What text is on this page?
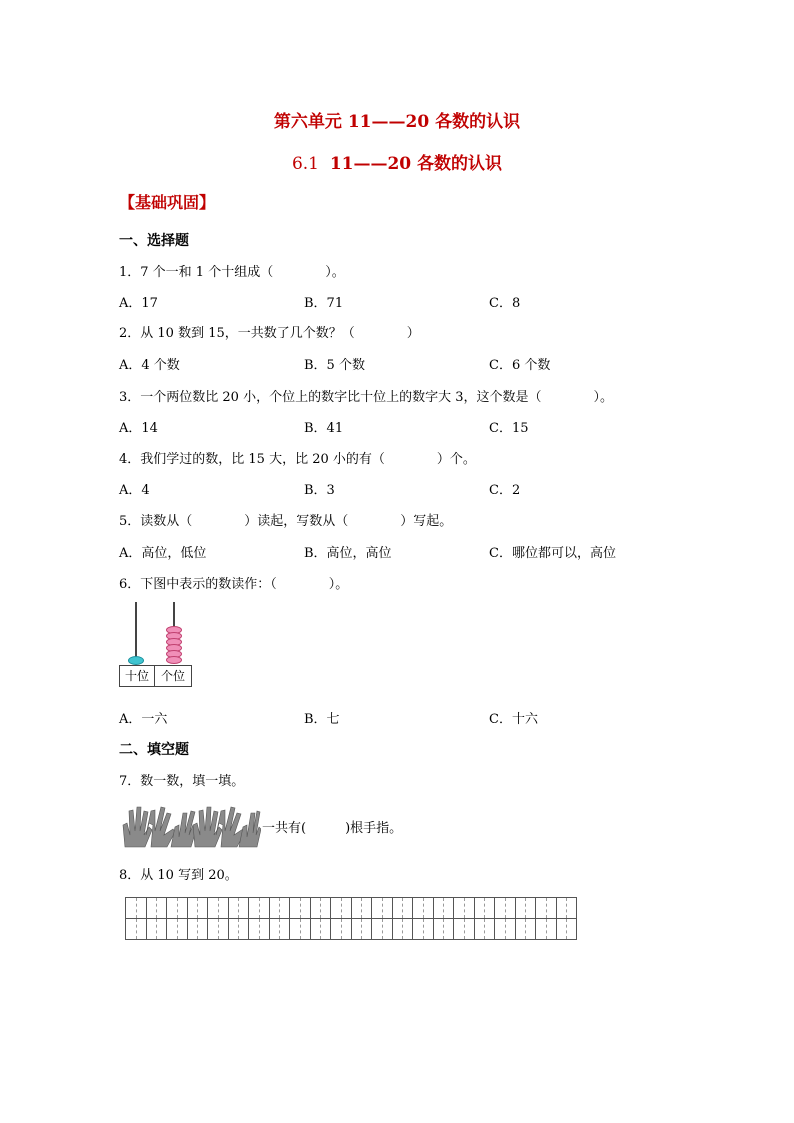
第六单元 11——20 各数的认识
6.1 11——20 各数的认识
【基础巩固】
一、选择题
1．7 个一和 1 个十组成（　　　　）。
A．17	B．71	C．8
2．从 10 数到 15，一共数了几个数？（　　　　）
A．4 个数	B．5 个数	C．6 个数
3．一个两位数比 20 小，个位上的数字比十位上的数字大 3，这个数是（　　　　）。
A．14	B．41	C．15
4．我们学过的数，比 15 大，比 20 小的有（　　　　）个。
A．4	B．3	C．2
5．读数从（　　　　）读起，写数从（　　　　）写起。
A．高位，低位	B．高位，高位	C．哪位都可以，高位
6．下图中表示的数读作：（　　　　）。
十位 个位
A．一六	B．七	C．十六
二、填空题
7．数一数，填一填。
一共有(　　　)根手指。
8．从 10 写到 20。
